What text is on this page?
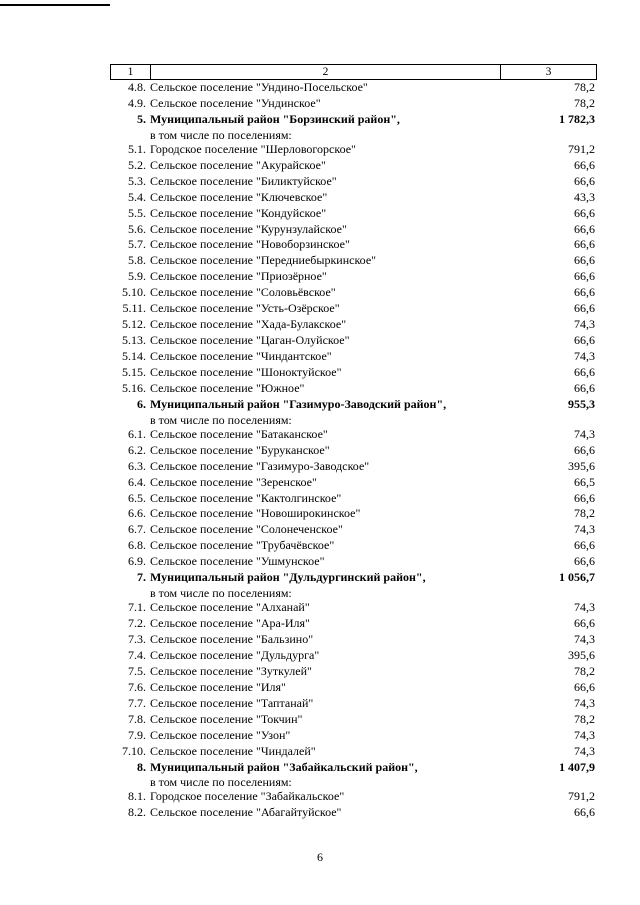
1	2	3
4.8. Сельское поселение "Ундино-Посельское"	78,2
4.9. Сельское поселение "Ундинское"	78,2
5. Муниципальный район "Борзинский район",	1 782,3
в том числе по поселениям:
5.1. Городское поселение "Шерловогорское"	791,2
5.2. Сельское поселение "Акурайское"	66,6
5.3. Сельское поселение "Биликтуйское"	66,6
5.4. Сельское поселение "Ключевское"	43,3
5.5. Сельское поселение "Кондуйское"	66,6
5.6. Сельское поселение "Курунзулайское"	66,6
5.7. Сельское поселение "Новоборзинское"	66,6
5.8. Сельское поселение "Передниебыркинское"	66,6
5.9. Сельское поселение "Приозёрное"	66,6
5.10. Сельское поселение "Соловьёвское"	66,6
5.11. Сельское поселение "Усть-Озёрское"	66,6
5.12. Сельское поселение "Хада-Булакское"	74,3
5.13. Сельское поселение "Цаган-Олуйское"	66,6
5.14. Сельское поселение "Чиндантское"	74,3
5.15. Сельское поселение "Шоноктуйское"	66,6
5.16. Сельское поселение "Южное"	66,6
6. Муниципальный район "Газимуро-Заводский район",	955,3
в том числе по поселениям:
6.1. Сельское поселение "Батаканское"	74,3
6.2. Сельское поселение "Буруканское"	66,6
6.3. Сельское поселение "Газимуро-Заводское"	395,6
6.4. Сельское поселение "Зеренское"	66,5
6.5. Сельское поселение "Кактолгинское"	66,6
6.6. Сельское поселение "Новоширокинское"	78,2
6.7. Сельское поселение "Солонеченское"	74,3
6.8. Сельское поселение "Трубачёвское"	66,6
6.9. Сельское поселение "Ушмунское"	66,6
7. Муниципальный район "Дульдургинский район",	1 056,7
в том числе по поселениям:
7.1. Сельское поселение "Алханай"	74,3
7.2. Сельское поселение "Ара-Иля"	66,6
7.3. Сельское поселение "Бальзино"	74,3
7.4. Сельское поселение "Дульдурга"	395,6
7.5. Сельское поселение "Зуткулей"	78,2
7.6. Сельское поселение "Иля"	66,6
7.7. Сельское поселение "Таптанай"	74,3
7.8. Сельское поселение "Токчин"	78,2
7.9. Сельское поселение "Узон"	74,3
7.10. Сельское поселение "Чиндалей"	74,3
8. Муниципальный район "Забайкальский район",	1 407,9
в том числе по поселениям:
8.1. Городское поселение "Забайкальское"	791,2
8.2. Сельское поселение "Абагайтуйское"	66,6
6
